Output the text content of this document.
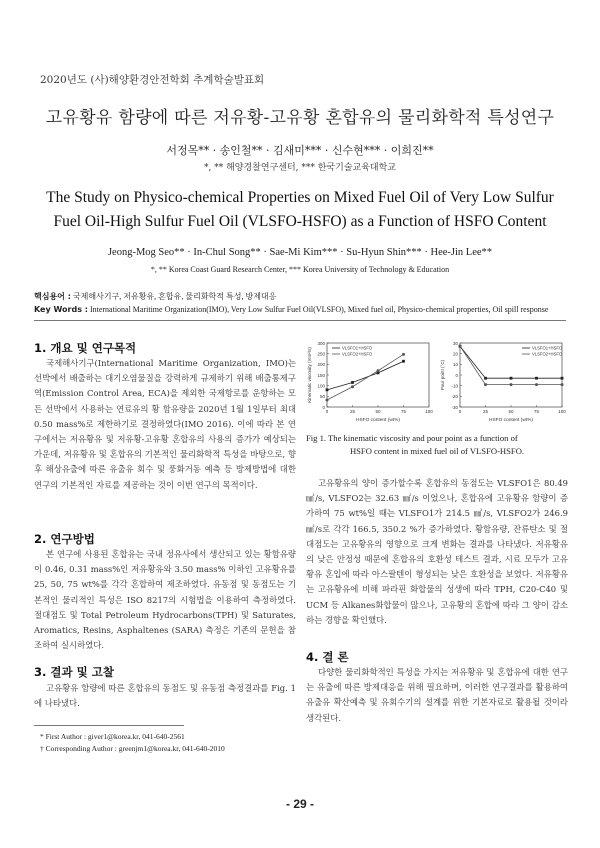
2020년도 (사)해양환경안전학회 추계학술발표회
고유황유 함량에 따른 저유황-고유황 혼합유의 물리화학적 특성연구
서정목** · 송인철** · 김새미*** · 신수현*** · 이희진**
*, ** 해양경찰연구센터, *** 한국기술교육대학교
The Study on Physico-chemical Properties on Mixed Fuel Oil of Very Low Sulfur
Fuel Oil-High Sulfur Fuel Oil (VLSFO-HSFO) as a Function of HSFO Content
Jeong-Mog Seo** · In-Chul Song** · Sae-Mi Kim*** · Su-Hyun Shin*** · Hee-Jin Lee**
*, ** Korea Coast Guard Research Center, *** Korea University of Technology & Education
핵심용어 : 국제해사기구, 저유황유, 혼합유, 물리화학적 특성, 방제대응
Key Words : International Maritime Organization(IMO), Very Low Sulfur Fuel Oil(VLSFO), Mixed fuel oil, Physico-chemical properties, Oil spill response
1. 개요 및 연구목적
국제해사기구(International Maritime Organization, IMO)는 선박에서 배출하는 대기오염물질을 강력하게 규제하기 위해 배출통제구역(Emission Control Area, ECA)을 제외한 국제항로를 운항하는 모든 선박에서 사용하는 연료유의 황 함유량을 2020년 1월 1일부터 최대 0.50 mass%로 제한하기로 결정하였다(IMO 2016). 이에 따라 본 연구에서는 저유황유 및 저유황-고유황 혼합유의 사용의 증가가 예상되는 가운데, 저유황유 및 혼합유의 기본적인 물리화학적 특성을 바탕으로, 향후 해상유출에 따른 유출유 회수 및 풍화거동 예측 등 방제방법에 대한 연구의 기본적인 자료를 제공하는 것이 이번 연구의 목적이다.
2. 연구방법
본 연구에 사용된 혼합유는 국내 정유사에서 생산되고 있는 황함유량이 0.46, 0.31 mass%인 저유황유와 3.50 mass% 이하인 고유황유를 25, 50, 75 wt%를 각각 혼합하여 제조하였다. 유동점 및 동점도는 기본적인 물리적인 특성은 ISO 8217의 시험법을 이용하여 측정하였다. 절대점도 및 Total Petroleum Hydrocarbons(TPH) 및 Saturates, Aromatics, Resins, Asphaltenes (SARA) 측정은 기존의 문헌을 참조하여 실시하였다.
3. 결과 및 고찰
고유황유 함량에 따른 혼합유의 동점도 및 유동점 측정결과를 Fig. 1에 나타냈다.
* First Author : giver1@korea.kr, 041-640-2561
† Corresponding Author : greenjm1@korea.kr, 041-640-2010
0
50
100
150
200
250
300
0	25	50	75	100
HSFO content (wt%)
Kinematic viscosity (mm²/s)	VLSFO1+HSFO
VLSFO2+HSFO
30
20
10
0
-10
-20
-30
0	25	50	75	100
HSFO content (wt%)
Pour point (°C)
VLSFO1+HSFO
VLSFO2+HSFO
Fig 1. The kinematic viscosity and pour point as a function of
HSFO content in mixed fuel oil of VLSFO-HSFO.
고유황유의 양이 증가할수록 혼합유의 동점도는 VLSFO1은 80.49 ㎟/s, VLSFO2는 32.63 ㎟/s 이었으나, 혼합유에 고유황유 함량이 증가하여 75 wt%일 때는 VLSFO1가 214.5 ㎟/s, VLSFO2가 246.9 ㎟/s로 각각 166.5, 350.2 %가 증가하였다. 황함유량, 잔류탄소 및 절대점도는 고유황유의 영향으로 크게 변화는 결과를 나타냈다. 저유황유의 낮은 안정성 때문에 혼합유의 호환성 테스트 결과, 시료 모두가 고유황유 혼입에 따라 아스팔텐이 형성되는 낮은 호환성을 보였다. 저유황유는 고유황유에 비해 파라핀 화합물의 성생에 따라 TPH, C20-C40 및 UCM 등 Alkanes화합물이 많으나, 고유황의 혼합에 따라 그 양이 감소하는 경향을 확인했다.
4. 결 론
다양한 물리화학적인 특성을 가지는 저유황유 및 혼합유에 대한 연구는 유출에 따른 방제대응을 위해 필요하며, 이러한 연구결과를 활용하여 유출유 확산예측 및 유회수기의 설계를 위한 기본자료로 활용될 것이라 생각된다.
- 29 -
